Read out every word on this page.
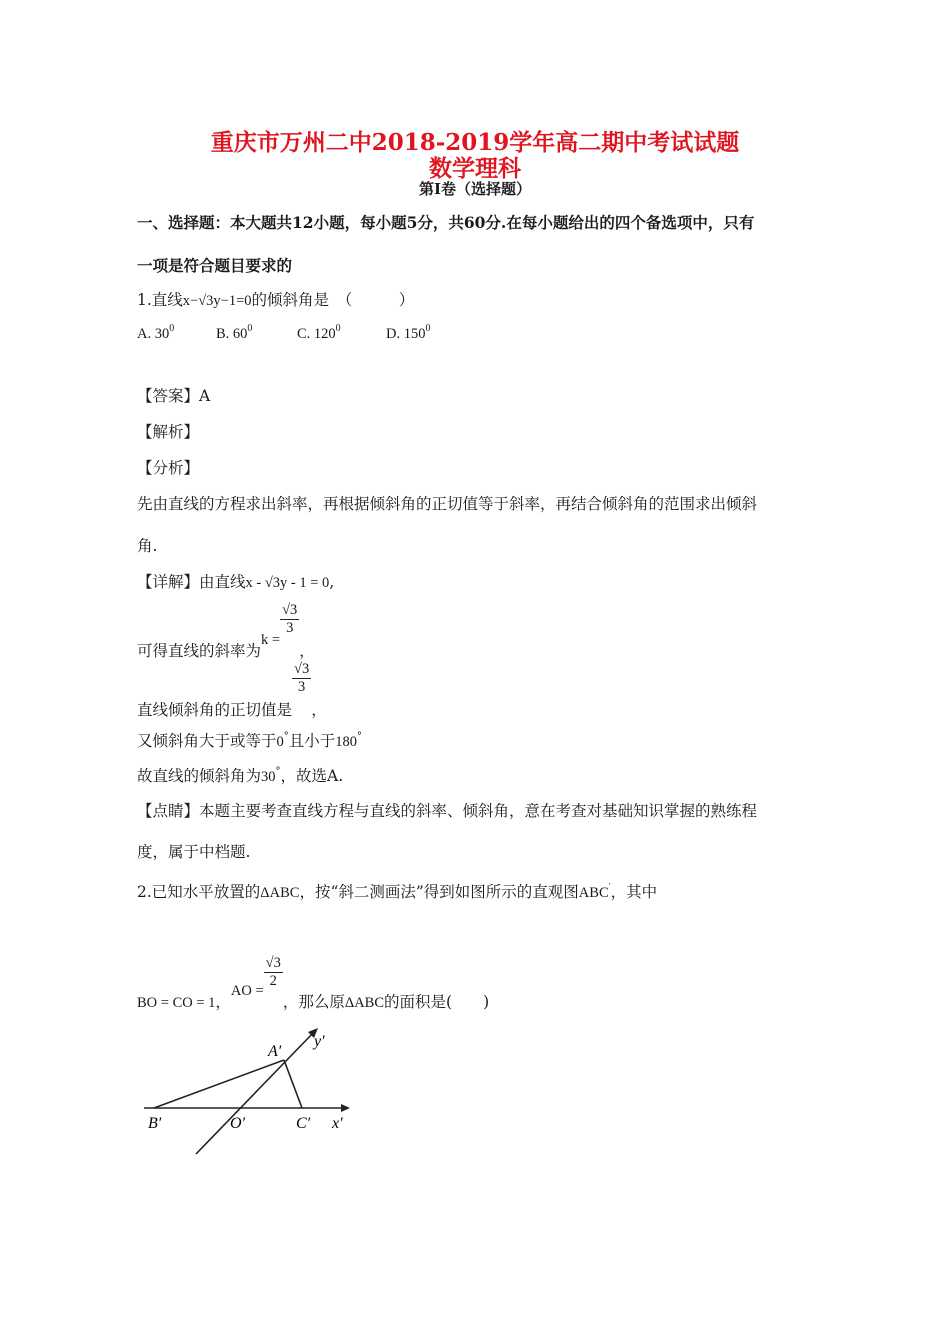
重庆市万州二中2018-2019学年高二期中考试试题
数学理科
第Ⅰ卷（选择题）
一、选择题：本大题共12小题，每小题5分，共60分.在每小题给出的四个备选项中，只有
一项是符合题目要求的
1.直线x−√3y−1=0的倾斜角是　（　　　）
A. $30^0$	B. $60^0$	C. $120^0$	D. $150^0$
【答案】A
【解析】
【分析】
先由直线的方程求出斜率，再根据倾斜角的正切值等于斜率，再结合倾斜角的范围求出倾斜
角.
【详解】由直线x - √3y - 1 = 0,
可得直线的斜率为k =
$\frac{√3}{3}$
，
直线倾斜角的正切值是
$\frac{√3}{3}$
，
又倾斜角大于或等于0°且小于180°
故直线的倾斜角为30°，故选A.
【点睛】本题主要考查直线方程与直线的斜率、倾斜角，意在考查对基础知识掌握的熟练程
度，属于中档题.
2.已知水平放置的ΔABC，按“斜二测画法”得到如图所示的直观图ABC′，其中
BO = CO = 1，AO =
$\frac{√3}{2}$
，那么原ΔABC的面积是(　　)
A′
B′	O′	C′ x′
y′
